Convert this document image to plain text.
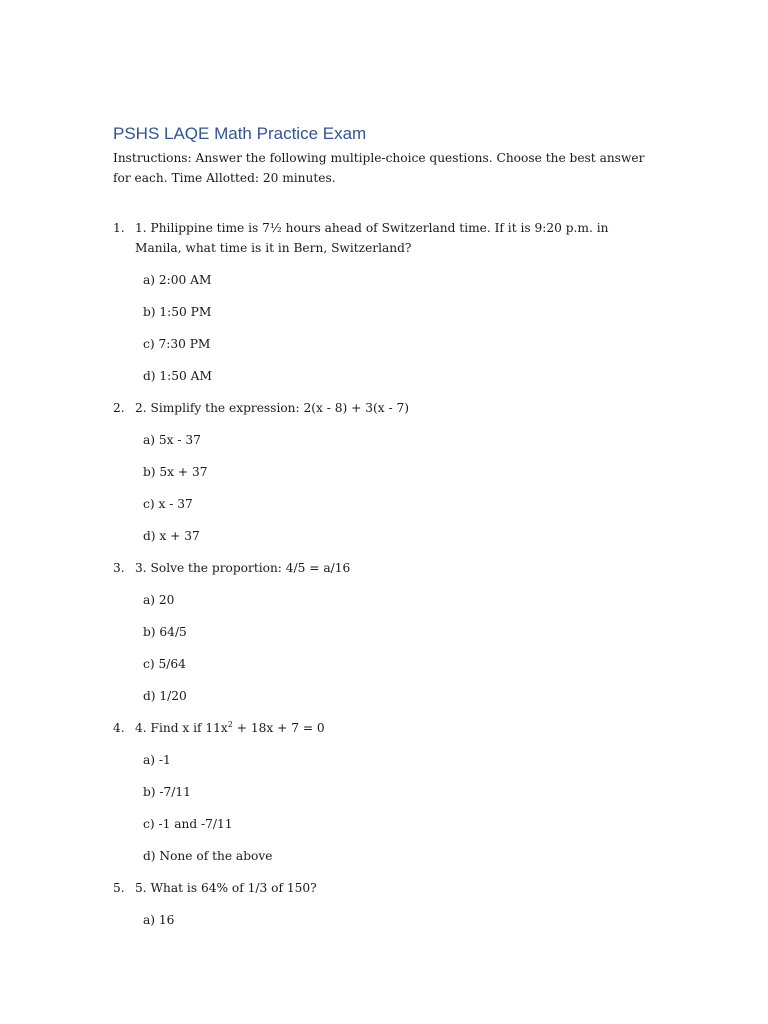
PSHS LAQE Math Practice Exam
Instructions: Answer the following multiple-choice questions. Choose the best answer for each. Time Allotted: 20 minutes.
1. 1. Philippine time is 7½ hours ahead of Switzerland time. If it is 9:20 p.m. in Manila, what time is it in Bern, Switzerland?
a) 2:00 AM
b) 1:50 PM
c) 7:30 PM
d) 1:50 AM
2. 2. Simplify the expression: 2(x - 8) + 3(x - 7)
a) 5x - 37
b) 5x + 37
c) x - 37
d) x + 37
3. 3. Solve the proportion: 4/5 = a/16
a) 20
b) 64/5
c) 5/64
d) 1/20
4. 4. Find x if $11x^2 + 18x + 7 = 0$
a) -1
b) -7/11
c) -1 and -7/11
d) None of the above
5. 5. What is 64% of 1/3 of 150?
a) 16
